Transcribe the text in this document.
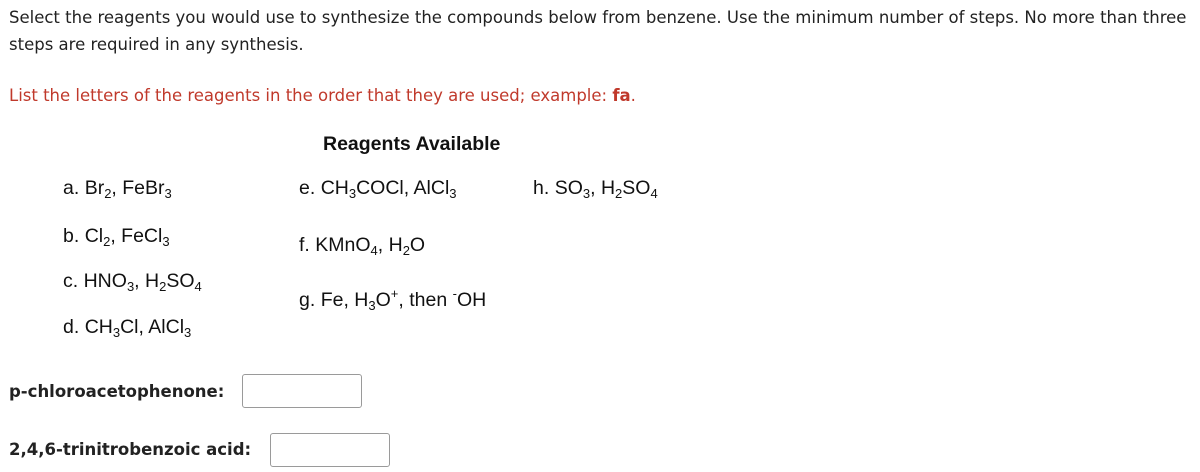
Select the reagents you would use to synthesize the compounds below from benzene. Use the minimum number of steps. No more than three steps are required in any synthesis.

List the letters of the reagents in the order that they are used; example: fa.

Reagents Available
a. $Br_2$, FeBr$_3$
b. $Cl_2$, FeCl$_3$
c. $HNO_3$, $H_2SO_4$
d. $CH_3Cl$, AlCl$_3$
e. $CH_3COCl$, AlCl$_3$
f. KMnO$_4$, $H_2O$
g. Fe, $H_3O^+$, then -OH
h. $SO_3$, $H_2SO_4$
p-chloroacetophenone:
2,4,6-trinitrobenzoic acid:
